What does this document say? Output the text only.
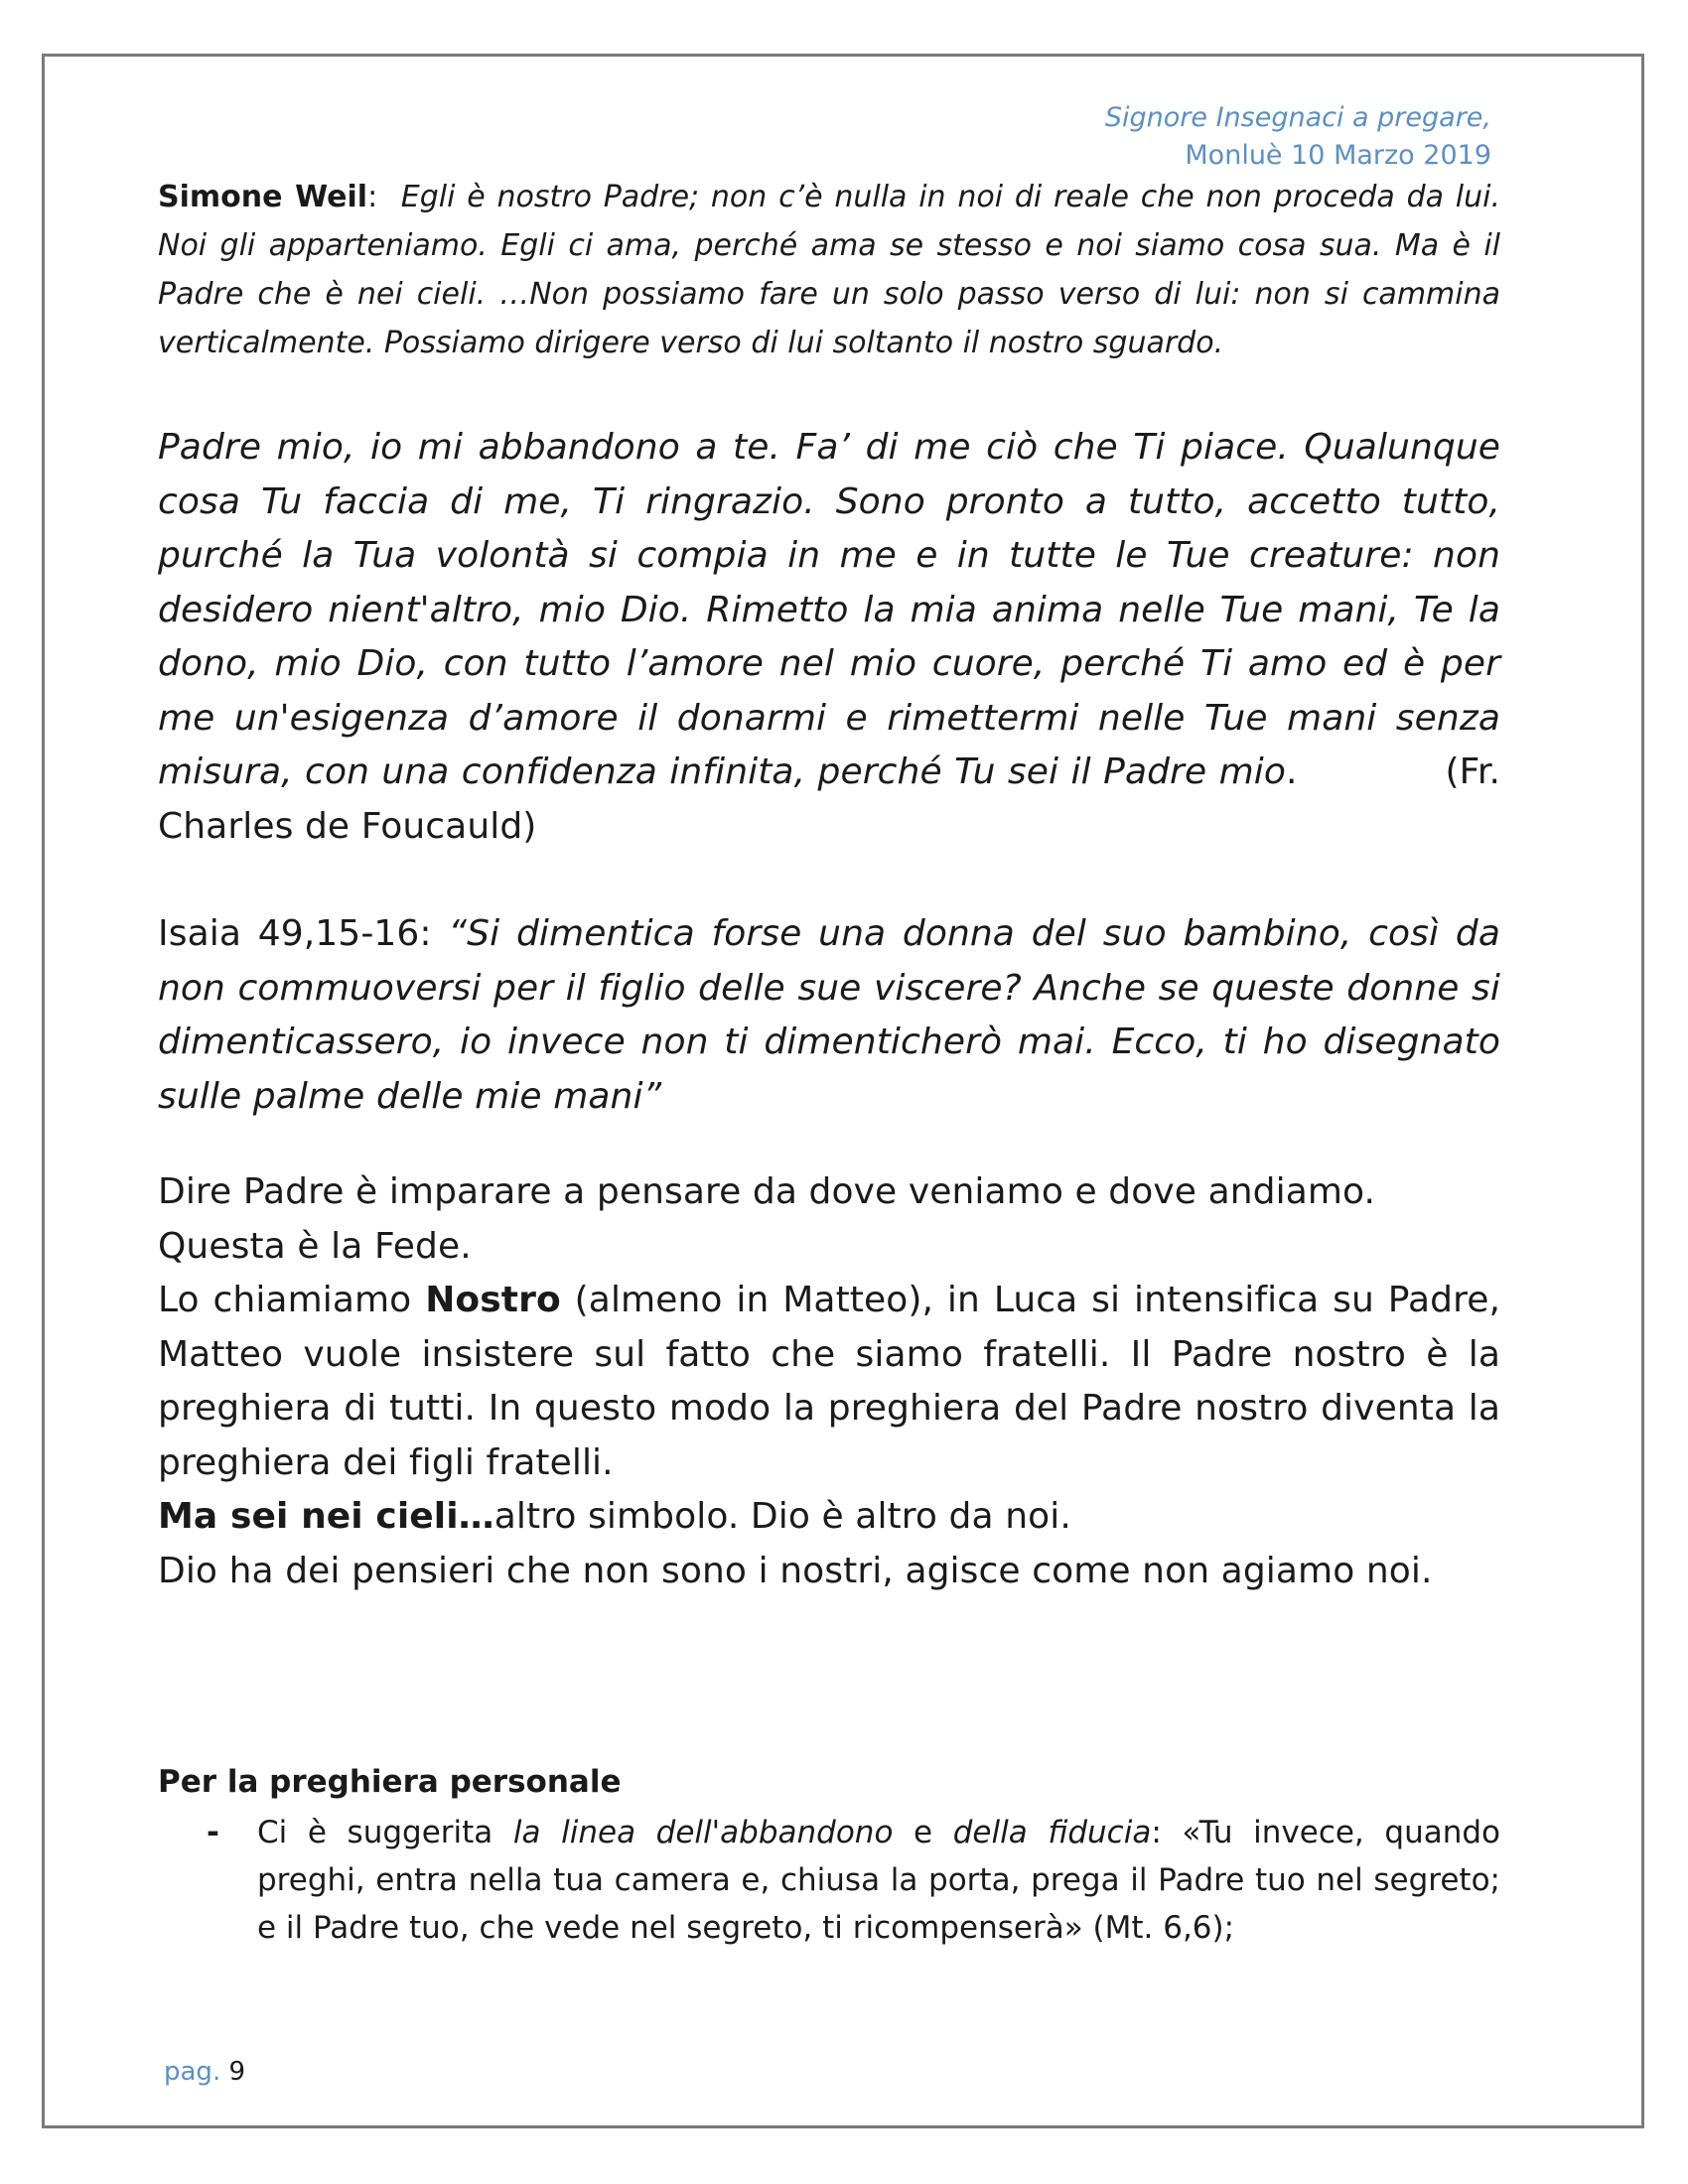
Signore Insegnaci a pregare,
Monluè 10 Marzo 2019

Simone Weil: Egli è nostro Padre; non c’è nulla in noi di reale che non proceda da lui. Noi gli apparteniamo. Egli ci ama, perché ama se stesso e noi siamo cosa sua. Ma è il Padre che è nei cieli. …Non possiamo fare un solo passo verso di lui: non si cammina verticalmente. Possiamo dirigere verso di lui soltanto il nostro sguardo.

Padre mio, io mi abbandono a te. Fa’ di me ciò che Ti piace. Qualunque cosa Tu faccia di me, Ti ringrazio. Sono pronto a tutto, accetto tutto, purché la Tua volontà si compia in me e in tutte le Tue creature: non desidero nient'altro, mio Dio. Rimetto la mia anima nelle Tue mani, Te la dono, mio Dio, con tutto l’amore nel mio cuore, perché Ti amo ed è per me un'esigenza d’amore il donarmi e rimettermi nelle Tue mani senza misura, con una confidenza infinita, perché Tu sei il Padre mio.	(Fr. Charles de Foucauld)

Isaia 49,15-16: “Si dimentica forse una donna del suo bambino, così da non commuoversi per il figlio delle sue viscere? Anche se queste donne si dimenticassero, io invece non ti dimenticherò mai. Ecco, ti ho disegnato sulle palme delle mie mani”

Dire Padre è imparare a pensare da dove veniamo e dove andiamo.

Questa è la Fede.

Lo chiamiamo Nostro (almeno in Matteo), in Luca si intensifica su Padre, Matteo vuole insistere sul fatto che siamo fratelli. Il Padre nostro è la preghiera di tutti. In questo modo la preghiera del Padre nostro diventa la preghiera dei figli fratelli.

Ma sei nei cieli…altro simbolo. Dio è altro da noi.

Dio ha dei pensieri che non sono i nostri, agisce come non agiamo noi.

Per la preghiera personale

-	Ci è suggerita la linea dell'abbandono e della fiducia: «Tu invece, quando preghi, entra nella tua camera e, chiusa la porta, prega il Padre tuo nel segreto; e il Padre tuo, che vede nel segreto, ti ricompenserà» (Mt. 6,6);
pag. 9
